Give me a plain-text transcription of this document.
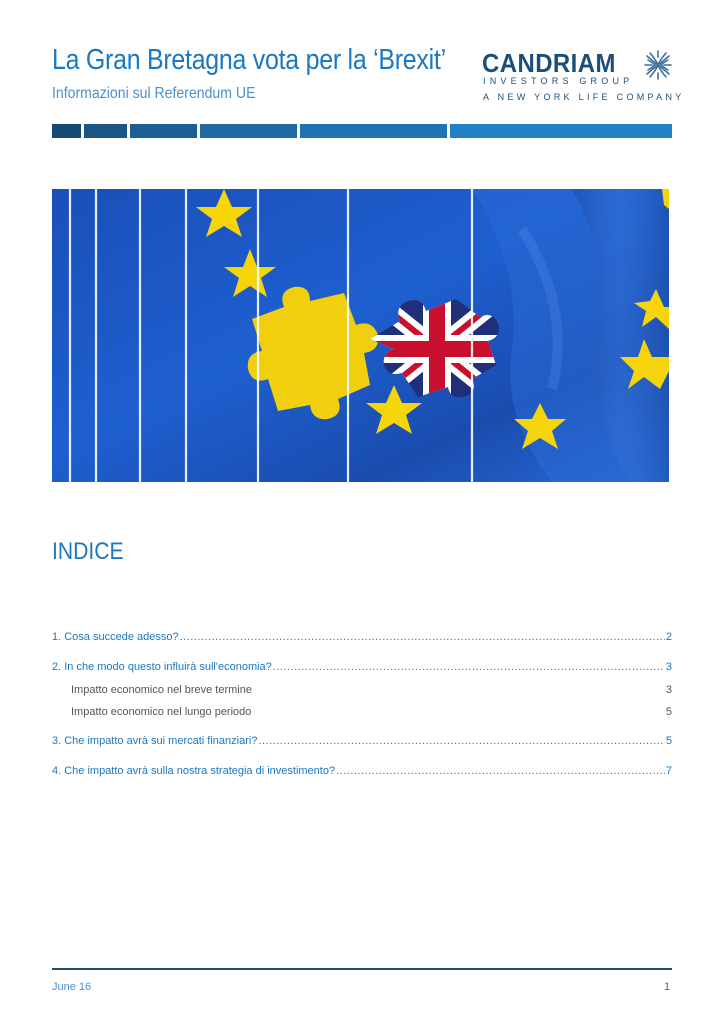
La Gran Bretagna vota per la ‘Brexit’
Informazioni sul Referendum UE
CANDRIAM
INVESTORS GROUP
A NEW YORK LIFE COMPANY
INDICE
1. Cosa succede adesso? .....	2
2. In che modo questo influirà sull'economia? .....	3
Impatto economico nel breve termine	3
Impatto economico nel lungo periodo	5
3. Che impatto avrà sui mercati finanziari? .....	5
4. Che impatto avrà sulla nostra strategia di investimento? .....	7
June 16	1
